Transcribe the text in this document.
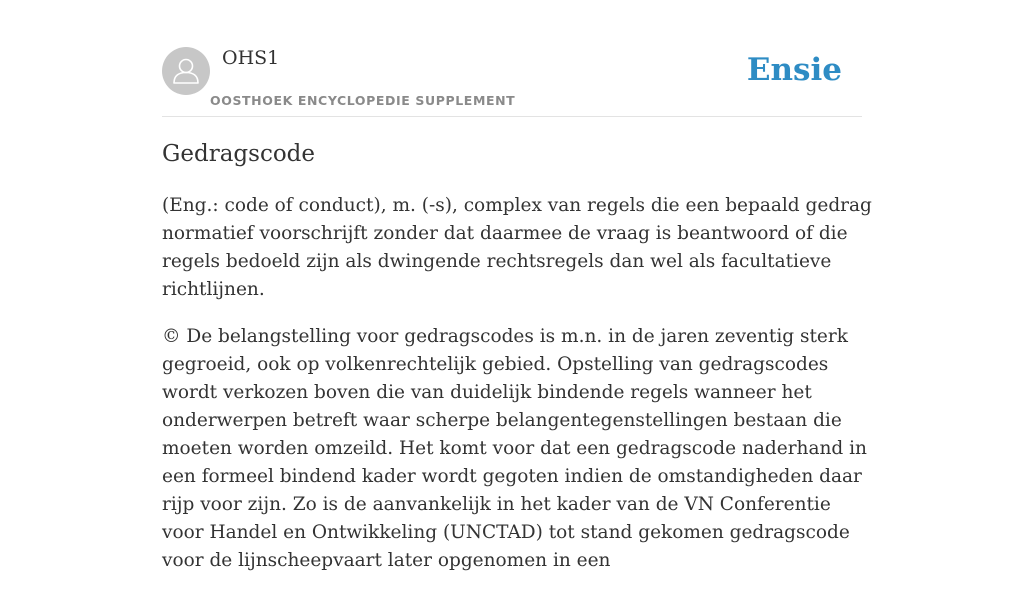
OHS1
OOSTHOEK ENCYCLOPEDIE SUPPLEMENT
Ensie
Gedragscode

(Eng.: code of conduct), m. (-s), complex van regels die een bepaald gedrag normatief voorschrijft zonder dat daarmee de vraag is beantwoord of die regels bedoeld zijn als dwingende rechtsregels dan wel als facultatieve richtlijnen.

© De belangstelling voor gedragscodes is m.n. in de jaren zeventig sterk gegroeid, ook op volkenrechtelijk gebied. Opstelling van gedragscodes wordt verkozen boven die van duidelijk bindende regels wanneer het onderwerpen betreft waar scherpe belangentegenstellingen bestaan die moeten worden omzeild. Het komt voor dat een gedragscode naderhand in een formeel bindend kader wordt gegoten indien de omstandigheden daar rijp voor zijn. Zo is de aanvankelijk in het kader van de VN Conferentie voor Handel en Ontwikkeling (UNCTAD) tot stand gekomen gedragscode voor de lijnscheepvaart later opgenomen in een
